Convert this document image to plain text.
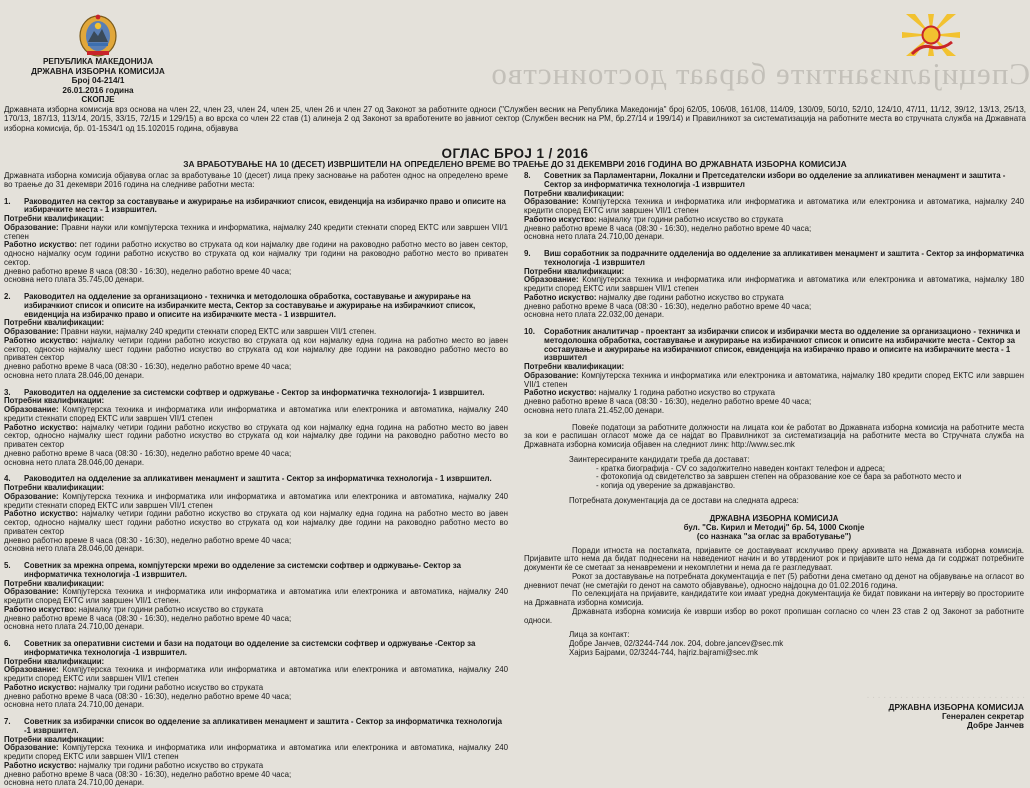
Специјализантите бараат достоинство
. . . . . . . . . . . . . . . . . . . . . . . . . . . . .
РЕПУБЛИКА МАКЕДОНИЈА
ДРЖАВНА ИЗБОРНА КОМИСИЈА
Број 04-214/1
26.01.2016 година
СКОПЈЕ

Државната изборна комисија врз основа на член 22, член 23, член 24, член 25, член 26 и член 27 од Законот за работните односи ("Службен весник на Република Македонија" број 62/05, 106/08, 161/08, 114/09, 130/09, 50/10, 52/10, 124/10, 47/11, 11/12, 39/12, 13/13, 25/13, 170/13, 187/13, 113/14, 20/15, 33/15, 72/15 и 129/15) а во врска со член 22 став (1) алинеја 2 од Законот за вработените во јавниот сектор (Службен весник на РМ, бр.27/14 и 199/14) и Правилникот за систематизација на работните места во стручната служба на Државната изборна комисија, бр. 01-1534/1 од 15.102015 година, објавува

ОГЛАС БРОЈ 1 / 2016
ЗА ВРАБОТУВАЊЕ НА 10 (ДЕСЕТ) ИЗВРШИТЕЛИ НА ОПРЕДЕЛЕНО ВРЕМЕ ВО ТРАЕЊЕ ДО 31 ДЕКЕМВРИ 2016 ГОДИНА ВО ДРЖАВНАТА ИЗБОРНА КОМИСИЈА

Државната изборна комисија објавува оглас за вработување 10 (десет) лица преку засновање на работен однос на определено време во траење до 31 декември 2016 година на следниве работни места:

1.	Раководител на сектор за составување и ажурирање на избирачкиот список, евиденција на избирачко право и описите на избирачките места - 1 извршител.
Потребни квалификации:
Образование: Правни науки или компјутерска техника и информатика, најмалку 240 кредити стекнати според ЕКТС или завршен VII/1 степен
Работно искуство: пет години работно искуство во струката од кои најмалку две години на раководно работно место во јавен сектор, односно најмалку осум години работно искуство во струката од кои најмалку три години на раководно работно место во приватен сектор.
дневно работно време 8 часа (08:30 - 16:30), неделно работно време 40 часа;
основна нето плата 35.745,00 денари.
2.	Раководител на одделение за организационо - техничка и методолошка обработка, составување и ажурирање на избирачкиот список и описите на избирачките места, Сектор за составување и ажурирање на избирачкиот список, евиденција на избирачко право и описите на избирачките места - 1 извршител.
Потребни квалификации:
Образование: Правни науки, најмалку 240 кредити стекнати според ЕКТС или завршен VII/1 степен.
Работно искуство: најмалку четири години работно искуство во струката од кои најмалку една година на работно место во јавен сектор, односно најмалку шест години работно искуство во струката од кои најмалку две години на раководно работно место во приватен сектор
дневно работно време 8 часа (08:30 - 16:30), неделно работно време 40 часа;
основна нето плата 28.046,00 денари.
3.	Раководител на одделение за системски софтвер и одржување - Сектор за информатичка технологија- 1 извршител.
Потребни квалификации:
Образование: Компјутерска техника и информатика или информатика и автоматика или електроника и автоматика, најмалку 240 кредити стекнати според ЕКТС или завршен VII/1 степен
Работно искуство: најмалку четири години работно искуство во струката од кои најмалку една година на работно место во јавен сектор, односно најмалку шест години работно искуство во струката од кои најмалку две години на раководно работно место во приватен сектор
дневно работно време 8 часа (08:30 - 16:30), неделно работно време 40 часа;
основна нето плата 28.046,00 денари.
4.	Раководител на одделение за апликативен менаџмент и заштита - Сектор за информатичка технологија - 1 извршител.
Потребни квалификации:
Образование: Компјутерска техника и информатика или информатика и автоматика или електроника и автоматика, најмалку 240 кредити стекнати според ЕКТС или завршен VII/1 степен
Работно искуство: најмалку четири години работно искуство во струката од кои најмалку една година на работно место во јавен сектор, односно најмалку шест години работно искуство во струката од кои најмалку две години на раководно работно место во приватен сектор
дневно работно време 8 часа (08:30 - 16:30), неделно работно време 40 часа;
основна нето плата 28.046,00 денари.
5.	Советник за мрежна опрема, компјутерски мрежи во одделение за системски софтвер и одржување- Сектор за информатичка технологија -1 извршител.
Потребни квалификации:
Образование: Компјутерска техника и информатика или информатика и автоматика или електроника и автоматика, најмалку 240 кредити според ЕКТС или завршен VII/1 степен.
Работно искуство: најмалку три години работно искуство во струката
дневно работно време 8 часа (08:30 - 16:30), неделно работно време 40 часа;
основна нето плата 24.710,00 денари.
6.	Советник за оперативни системи и бази на податоци во одделение за системски софтвер и одржување -Сектор за информатичка технологија -1 извршител.
Потребни квалификации:
Образование: Компјутерска техника и информатика или информатика и автоматика или електроника и автоматика, најмалку 240 кредити според ЕКТС или завршен VII/1 степен
Работно искуство: најмалку три години работно искуство во струката
дневно работно време 8 часа (08:30 - 16:30), неделно работно време 40 часа;
основна нето плата 24.710,00 денари.
7.	Советник за избирачки список во одделение за апликативен менаџмент и заштита - Сектор за информатичка технологија -1 извршител.
Потребни квалификации:
Образование: Компјутерска техника и информатика или информатика и автоматика или електроника и автоматика, најмалку 240 кредити според ЕКТС или завршен VII/1 степен
Работно искуство: најмалку три години работно искуство во струката
дневно работно време 8 часа (08:30 - 16:30), неделно работно време 40 часа;
основна нето плата 24.710,00 денари.
8.	Советник за Парламентарни, Локални и Претседателски избори во одделение за апликативен менаџмент и заштита - Сектор за информатичка технологија -1 извршител
Потребни квалификации:
Образование: Компјутерска техника и информатика или информатика и автоматика или електроника и автоматика, најмалку 240 кредити според ЕКТС или завршен VII/1 степен
Работно искуство: најмалку три години работно искуство во струката
дневно работно време 8 часа (08:30 - 16:30), неделно работно време 40 часа;
основна нето плата 24.710,00 денари.
9.	Виш соработник за подрачните одделенија во одделение за апликативен менаџмент и заштита - Сектор за информатичка технологија -1 извршител
Потребни квалификации:
Образование: Компјутерска техника и информатика или информатика и автоматика или електроника и автоматика, најмалку 180 кредити според ЕКТС или завршен VII/1 степен
Работно искуство: најмалку две години работно искуство во струката
дневно работно време 8 часа (08:30 - 16:30), неделно работно време 40 часа;
основна нето плата 22.032,00 денари.
10.	Соработник аналитичар - проектант за избирачки список и избирачки места во одделение за организационо - техничка и методолошка обработка, составување и ажурирање на избирачкиот список и описите на избирачките места - Сектор за составување и ажурирање на избирачкиот список, евиденција на избирачко право и описите на избирачките места - 1 извршител
Потребни квалификации:
Образование: Компјутерска техника и информатика или електроника и автоматика, најмалку 180 кредити според ЕКТС или завршен VII/1 степен
Работно искуство: најмалку 1 година работно искуство во струката
дневно работно време 8 часа (08:30 - 16:30), неделно работно време 40 часа;
основна нето плата 21.452,00 денари.

Повеќе податоци за работните должности на лицата кои ќе работат во Државната изборна комисија на работните места за кои е распишан огласот може да се најдат во Правилникот за систематизација на работните места во Стручната служба на Државната изборна комисија објавен на следниот линк: http://www.sec.mk

Заинтересираните кандидати треба да достават:

- кратка биографија - CV со задолжително наведен контакт телефон и адреса;
- фотокопија од свидетелство за завршен степен на образование кое се бара за работното место и
- копија од уверение за државјанство.

Потребната документација да се достави на следната адреса:

ДРЖАВНА ИЗБОРНА КОМИСИЈА
бул. "Св. Кирил и Методиј" бр. 54, 1000 Скопје
(со назнака "за оглас за вработување")

Поради итноста на постапката, пријавите се доставуваат исклучиво преку архивата на Државната изборна комисија. Пријавите што нема да бидат поднесени на наведениот начин и во утврдениот рок и пријавите што нема да ги содржат потребните документи ќе се сметаат за ненавремени и некомплетни и нема да ге разгледуваат.

Рокот за доставување на потребната документација е пет (5) работни дена сметано од денот на објавување на огласот во дневниот печат (не сметајќи го денот на самото објавување), односно најдоцна до 01.02.2016 година.

По селекцијата на пријавите, кандидатите кои имаат уредна документација ќе бидат повикани на интервју во просториите на Државната изборна комисија.

Државната изборна комисија ќе изврши избор во рокот пропишан согласно со член 23 став 2 од Законот за работните односи.

Лица за контакт:
Добре Јанчев, 02/3244-744 лок. 204, dobre.jancev@sec.mk
Хајриз Бајрами, 02/3244-744, hajriz.bajrami@sec.mk
ДРЖАВНА ИЗБОРНА КОМИСИЈА
Генерален секретар
Добре Јанчев
